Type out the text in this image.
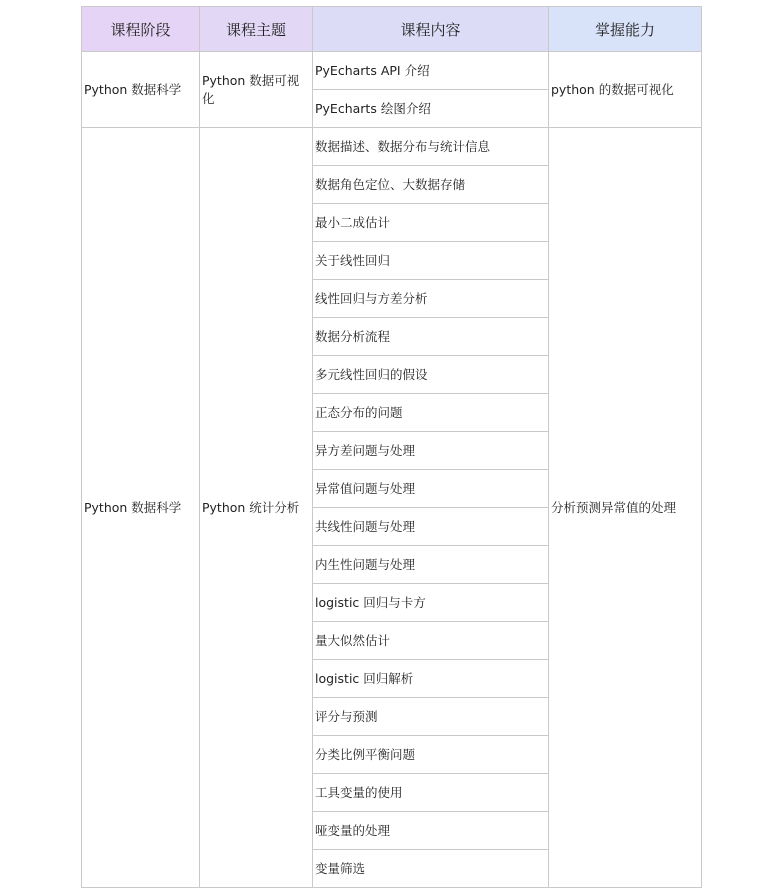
课程阶段	课程主题	课程内容	掌握能力
Python 数据科学	Python 数据可视化	PyEcharts API 介绍	python 的数据可视化
		PyEcharts 绘图介绍	
Python 数据科学	Python 统计分析	数据描述、数据分布与统计信息	分析预测异常值的处理
		数据角色定位、大数据存储	
		最小二成估计	
		关于线性回归	
		线性回归与方差分析	
		数据分析流程	
		多元线性回归的假设	
		正态分布的问题	
		异方差问题与处理	
		异常值问题与处理	
		共线性问题与处理	
		内生性问题与处理	
		logistic 回归与卡方	
		量大似然估计	
		logistic 回归解析	
		评分与预测	
		分类比例平衡问题	
		工具变量的使用	
		哑变量的处理	
		变量筛选	
